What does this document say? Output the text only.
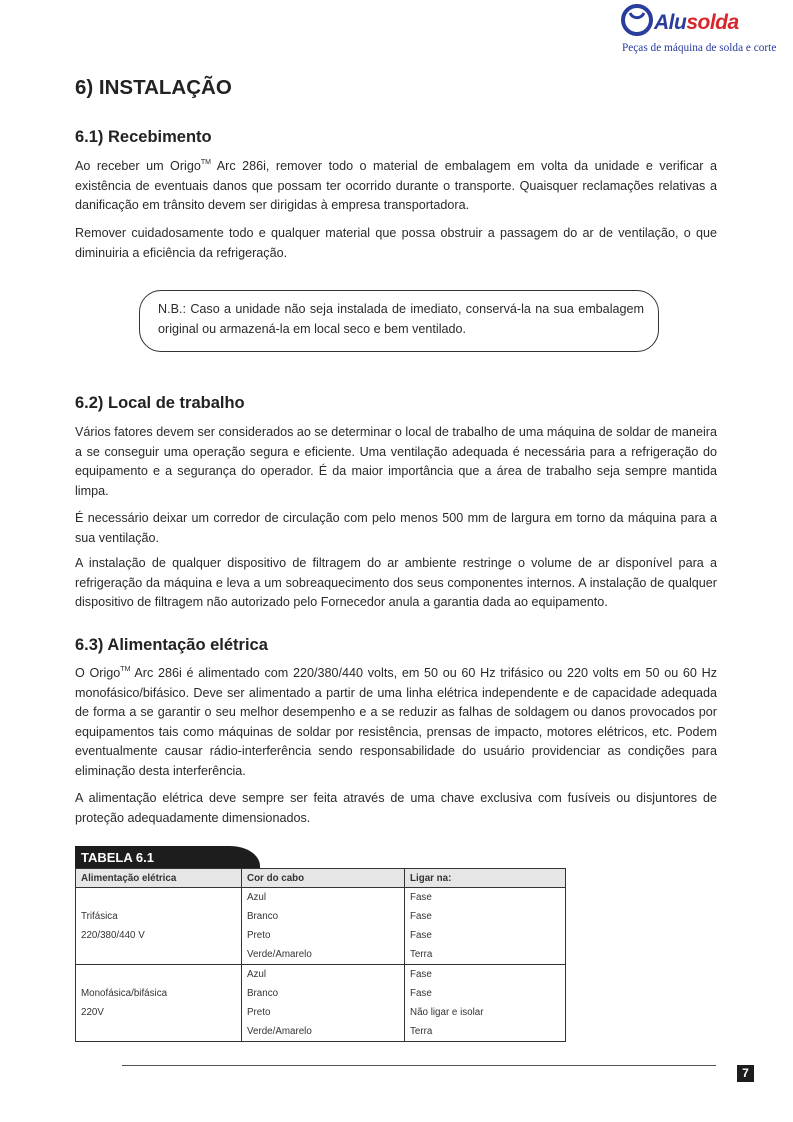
Alusolda
Peças de máquina de solda e corte
6) INSTALAÇÃO
6.1) Recebimento

Ao receber um Origo™ Arc 286i, remover todo o material de embalagem em volta da unidade e verificar a existência de eventuais danos que possam ter ocorrido durante o transporte. Quaisquer reclamações relativas a danificação em trânsito devem ser dirigidas à empresa transportadora.

Remover cuidadosamente todo e qualquer material que possa obstruir a passagem do ar de ventilação, o que diminuiria a eficiência da refrigeração.

N.B.: Caso a unidade não seja instalada de imediato, conservá-la na sua embalagem original ou armazená-la em local seco e bem ventilado.

6.2) Local de trabalho

Vários fatores devem ser considerados ao se determinar o local de trabalho de uma máquina de soldar de maneira a se conseguir uma operação segura e eficiente. Uma ventilação adequada é necessária para a refrigeração do equipamento e a segurança do operador. É da maior importância que a área de trabalho seja sempre mantida limpa.

É necessário deixar um corredor de circulação com pelo menos 500 mm de largura em torno da máquina para a sua ventilação.

A instalação de qualquer dispositivo de filtragem do ar ambiente restringe o volume de ar disponível para a refrigeração da máquina e leva a um sobreaquecimento dos seus componentes internos. A instalação de qualquer dispositivo de filtragem não autorizado pelo Fornecedor anula a garantia dada ao equipamento.

6.3) Alimentação elétrica

O Origo™ Arc 286i é alimentado com 220/380/440 volts, em 50 ou 60 Hz trifásico ou 220 volts em 50 ou 60 Hz monofásico/bifásico. Deve ser alimentado a partir de uma linha elétrica independente e de capacidade adequada de forma a se garantir o seu melhor desempenho e a se reduzir as falhas de soldagem ou danos provocados por equipamentos tais como máquinas de soldar por resistência, prensas de impacto, motores elétricos, etc. Podem eventualmente causar rádio-interferência sendo responsabilidade do usuário providenciar as condições para eliminação desta interferência.

A alimentação elétrica deve sempre ser feita através de uma chave exclusiva com fusíveis ou disjuntores de proteção adequadamente dimensionados.

TABELA 6.1
Alimentação elétrica	Cor do cabo	Ligar na:

Trifásica
220/380/440 V	Azul	Fase
	Branco	Fase
	Preto	Fase
	Verde/Amarelo	Terra

Monofásica/bifásica
220V	Azul	Fase
	Branco	Fase
	Preto	Não ligar e isolar
	Verde/Amarelo	Terra
7
